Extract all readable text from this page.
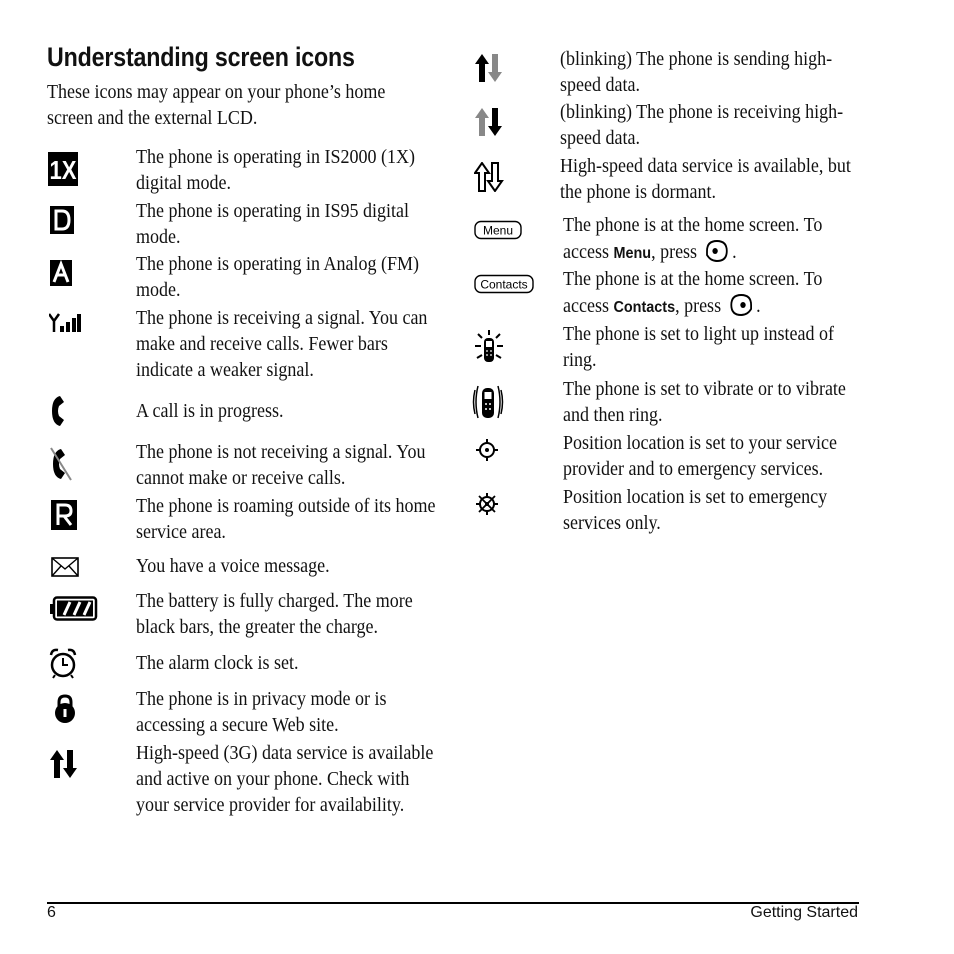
Understanding screen icons

These icons may appear on your phone’s home screen and the external LCD.

1X	The phone is operating in IS2000 (1X) digital mode.

The phone is operating in IS95 digital mode.

The phone is operating in Analog (FM) mode.

The phone is receiving a signal. You can make and receive calls. Fewer bars indicate a weaker signal.

A call is in progress.

The phone is not receiving a signal. You cannot make or receive calls.

The phone is roaming outside of its home service area.

You have a voice message.

The battery is fully charged. The more black bars, the greater the charge.

The alarm clock is set.

The phone is in privacy mode or is accessing a secure Web site.

High-speed (3G) data service is available and active on your phone. Check with your service provider for availability.

(blinking) The phone is sending high-speed data.

(blinking) The phone is receiving high-speed data.

High-speed data service is available, but the phone is dormant.

Menu The phone is at the home screen. To access Menu, press .

Contacts The phone is at the home screen. To access Contacts, press .

The phone is set to light up instead of ring.

The phone is set to vibrate or to vibrate and then ring.

Position location is set to your service provider and to emergency services.

Position location is set to emergency services only.

6	Getting Started
